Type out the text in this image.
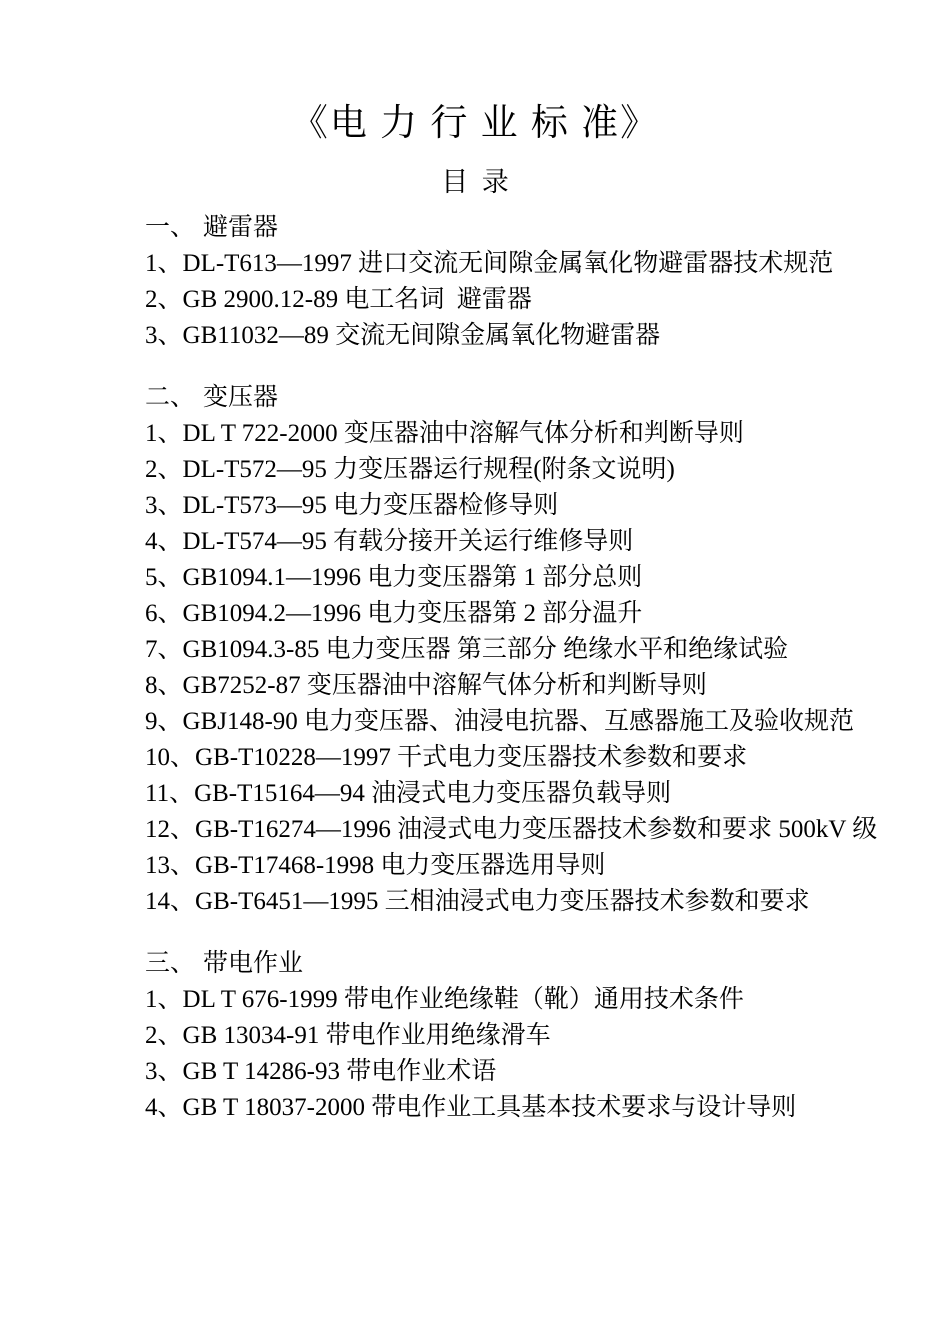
《电 力 行 业 标 准》
目  录

一、 避雷器

1、DL-T613—1997 进口交流无间隙金属氧化物避雷器技术规范

2、GB 2900.12-89 电工名词  避雷器

3、GB11032—89 交流无间隙金属氧化物避雷器

二、 变压器

1、DL T 722-2000 变压器油中溶解气体分析和判断导则

2、DL-T572—95 力变压器运行规程(附条文说明)

3、DL-T573—95 电力变压器检修导则

4、DL-T574—95 有载分接开关运行维修导则

5、GB1094.1—1996 电力变压器第 1 部分总则

6、GB1094.2—1996 电力变压器第 2 部分温升

7、GB1094.3-85 电力变压器 第三部分 绝缘水平和绝缘试验

8、GB7252-87 变压器油中溶解气体分析和判断导则

9、GBJ148-90 电力变压器、油浸电抗器、互感器施工及验收规范

10、GB-T10228—1997 干式电力变压器技术参数和要求

11、GB-T15164—94 油浸式电力变压器负载导则

12、GB-T16274—1996 油浸式电力变压器技术参数和要求 500kV 级

13、GB-T17468-1998 电力变压器选用导则

14、GB-T6451—1995 三相油浸式电力变压器技术参数和要求

三、 带电作业

1、DL T 676-1999 带电作业绝缘鞋（靴）通用技术条件

2、GB 13034-91 带电作业用绝缘滑车

3、GB T 14286-93 带电作业术语

4、GB T 18037-2000 带电作业工具基本技术要求与设计导则
